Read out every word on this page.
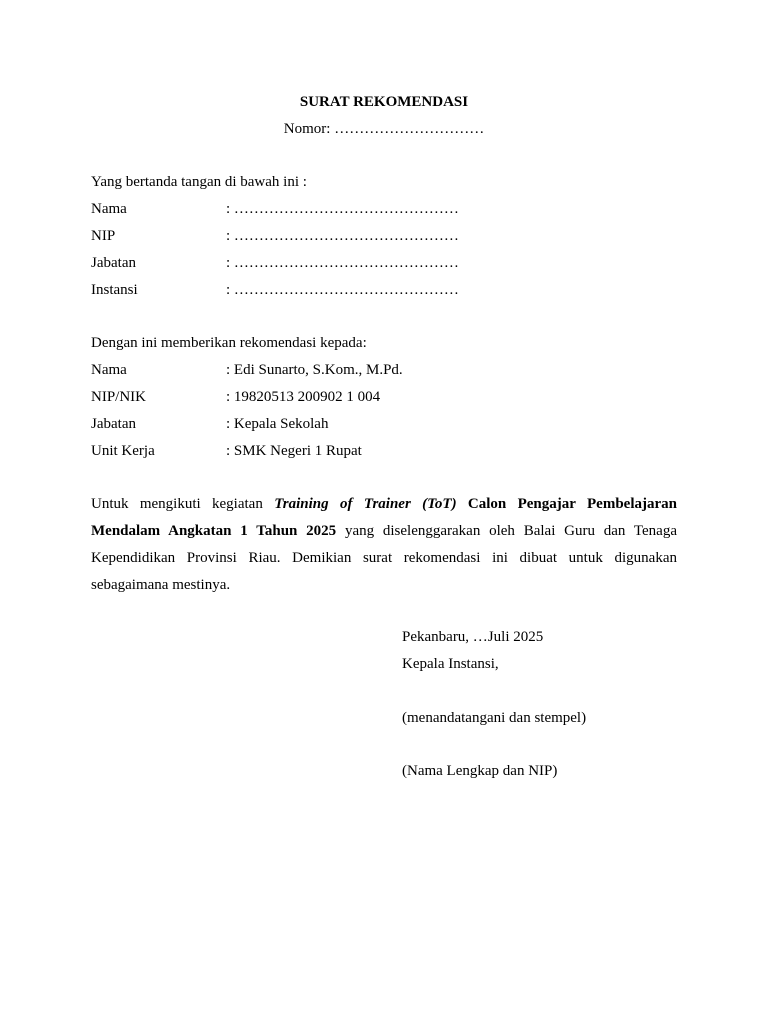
SURAT REKOMENDASI
Nomor: …………………………
Yang bertanda tangan di bawah ini :
Nama	: ………………………………………
NIP	: ………………………………………
Jabatan	: ………………………………………
Instansi	: ………………………………………
Dengan ini memberikan rekomendasi kepada:
Nama	: Edi Sunarto, S.Kom., M.Pd.
NIP/NIK	: 19820513 200902 1 004
Jabatan	: Kepala Sekolah
Unit Kerja	: SMK Negeri 1 Rupat
Untuk mengikuti kegiatan Training of Trainer (ToT) Calon Pengajar Pembelajaran Mendalam Angkatan 1 Tahun 2025 yang diselenggarakan oleh Balai Guru dan Tenaga Kependidikan Provinsi Riau. Demikian surat rekomendasi ini dibuat untuk digunakan sebagaimana mestinya.
Pekanbaru, …Juli 2025
Kepala Instansi,
(menandatangani dan stempel)
(Nama Lengkap dan NIP)
